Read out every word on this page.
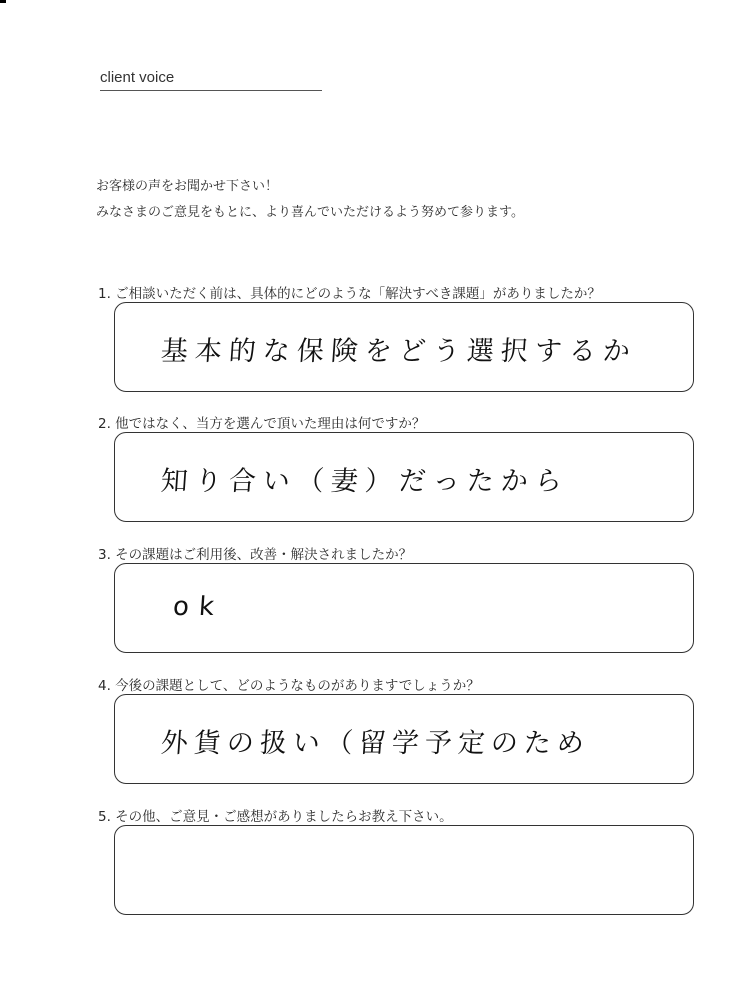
client voice
お客様の声をお聞かせ下さい！
みなさまのご意見をもとに、より喜んでいただけるよう努めて参ります。
1. ご相談いただく前は、具体的にどのような「解決すべき課題」がありましたか？
基本的な保険をどう選択するか
2. 他ではなく、当方を選んで頂いた理由は何ですか？
知り合い（妻）だったから
3. その課題はご利用後、改善・解決されましたか？
ok
4. 今後の課題として、どのようなものがありますでしょうか？
外貨の扱い（留学予定のため
5. その他、ご意見・ご感想がありましたらお教え下さい。
